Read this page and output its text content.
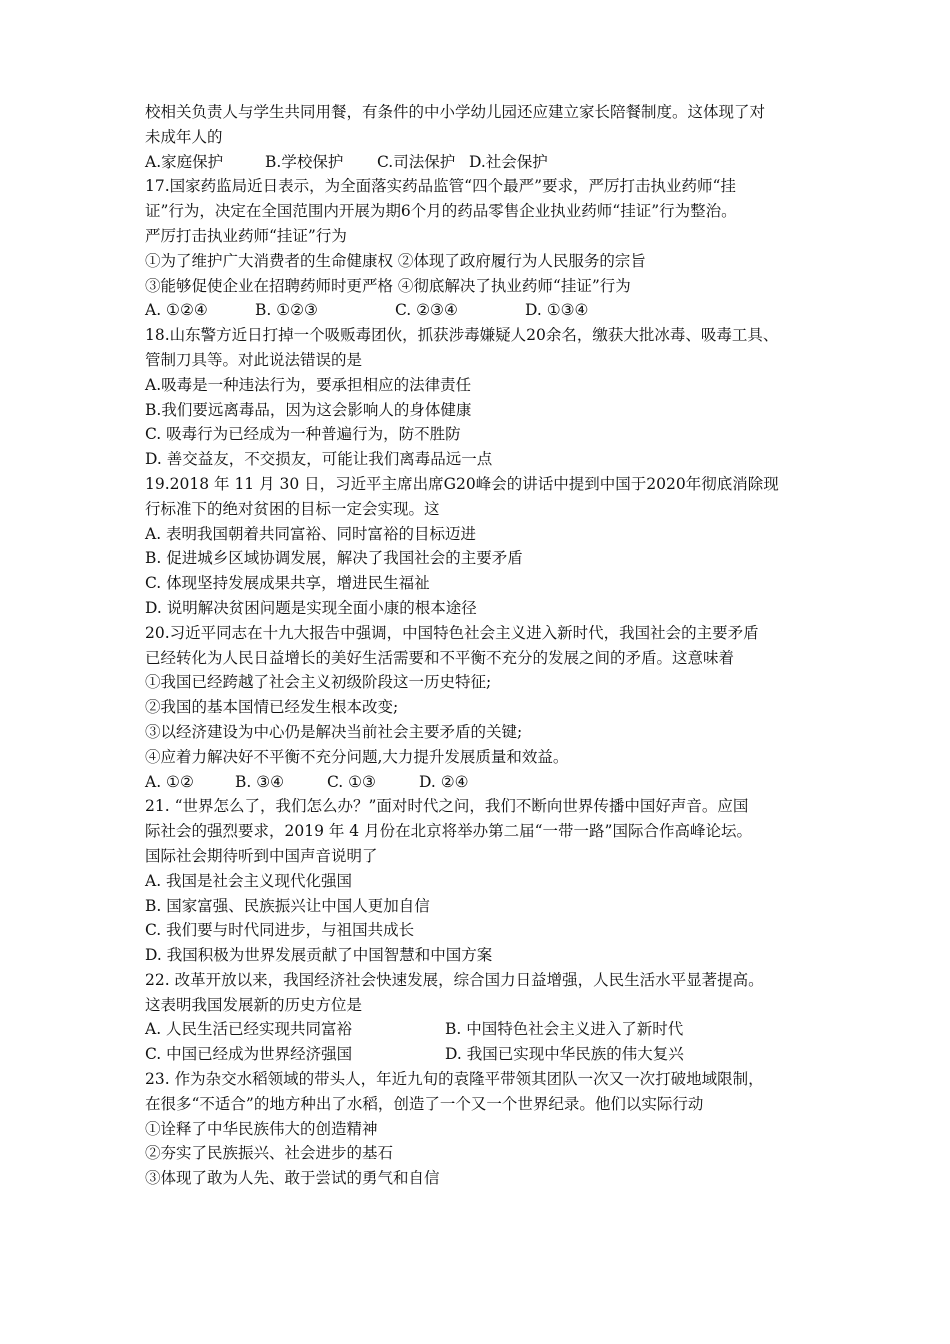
校相关负责人与学生共同用餐，有条件的中小学幼儿园还应建立家长陪餐制度。这体现了对
未成年人的
A.家庭保护	B.学校保护	C.司法保护 D.社会保护
17.国家药监局近日表示，为全面落实药品监管“四个最严”要求，严厉打击执业药师“挂
证”行为，决定在全国范围内开展为期6个月的药品零售企业执业药师“挂证”行为整治。
严厉打击执业药师“挂证”行为
①为了维护广大消费者的生命健康权 ②体现了政府履行为人民服务的宗旨
③能够促使企业在招聘药师时更严格 ④彻底解决了执业药师“挂证”行为
A. ①②④	B. ①②③	C. ②③④	D. ①③④
18.山东警方近日打掉一个吸贩毒团伙，抓获涉毒嫌疑人20余名，缴获大批冰毒、吸毒工具、
管制刀具等。对此说法错误的是
A.吸毒是一种违法行为，要承担相应的法律责任
B.我们要远离毒品，因为这会影响人的身体健康
C. 吸毒行为已经成为一种普遍行为，防不胜防
D. 善交益友，不交损友，可能让我们离毒品远一点
19.2018 年 11 月 30 日，习近平主席出席G20峰会的讲话中提到中国于2020年彻底消除现
行标准下的绝对贫困的目标一定会实现。这
A. 表明我国朝着共同富裕、同时富裕的目标迈进
B. 促进城乡区域协调发展，解决了我国社会的主要矛盾
C. 体现坚持发展成果共享，增进民生福祉
D. 说明解决贫困问题是实现全面小康的根本途径
20.习近平同志在十九大报告中强调，中国特色社会主义进入新时代，我国社会的主要矛盾
已经转化为人民日益增长的美好生活需要和不平衡不充分的发展之间的矛盾。这意味着
①我国已经跨越了社会主义初级阶段这一历史特征;
②我国的基本国情已经发生根本改变;
③以经济建设为中心仍是解决当前社会主要矛盾的关键;
④应着力解决好不平衡不充分问题,大力提升发展质量和效益。
A. ①②	B. ③④	C. ①③	D. ②④
21. “世界怎么了，我们怎么办？”面对时代之问，我们不断向世界传播中国好声音。应国
际社会的强烈要求，2019 年 4 月份在北京将举办第二届“一带一路”国际合作高峰论坛。
国际社会期待听到中国声音说明了
A. 我国是社会主义现代化强国
B. 国家富强、民族振兴让中国人更加自信
C. 我们要与时代同进步，与祖国共成长
D. 我国积极为世界发展贡献了中国智慧和中国方案
22. 改革开放以来，我国经济社会快速发展，综合国力日益增强，人民生活水平显著提高。
这表明我国发展新的历史方位是
A. 人民生活已经实现共同富裕	B. 中国特色社会主义进入了新时代
C. 中国已经成为世界经济强国	D. 我国已实现中华民族的伟大复兴
23. 作为杂交水稻领域的带头人，年近九旬的袁隆平带领其团队一次又一次打破地域限制，
在很多“不适合”的地方种出了水稻，创造了一个又一个世界纪录。他们以实际行动
①诠释了中华民族伟大的创造精神
②夯实了民族振兴、社会进步的基石
③体现了敢为人先、敢于尝试的勇气和自信
